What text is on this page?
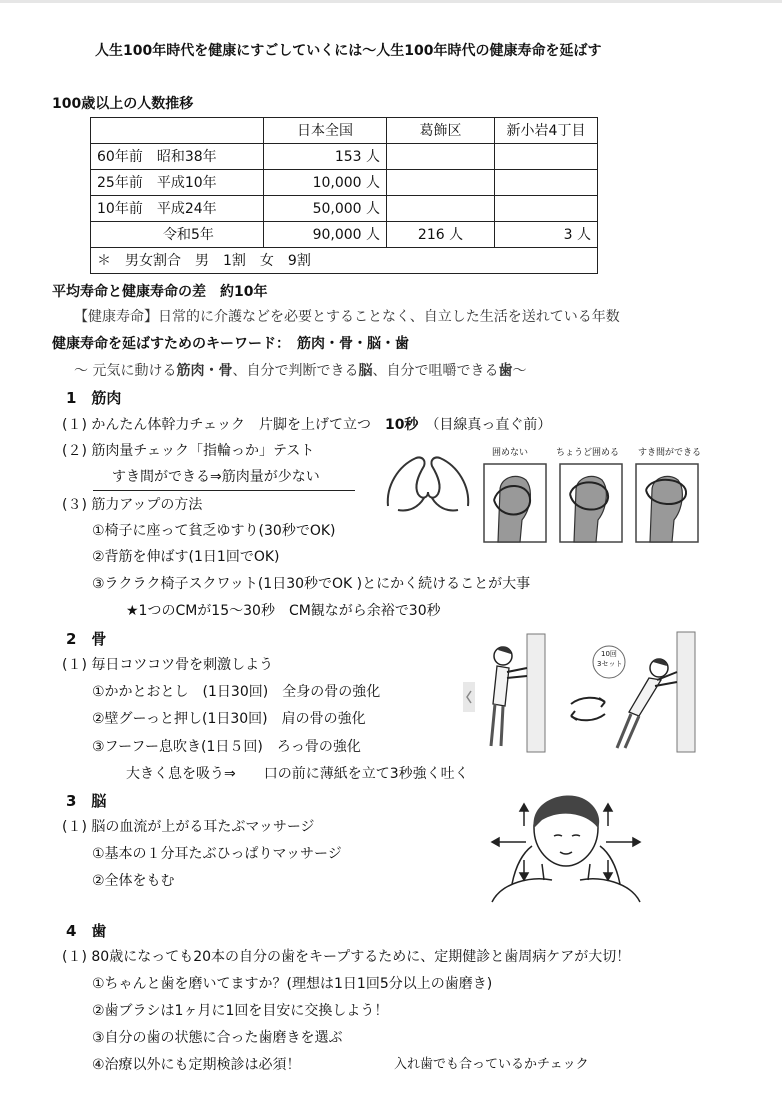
人生100年時代を健康にすごしていくには〜人生100年時代の健康寿命を延ばす
100歳以上の人数推移
	日本全国	葛飾区	新小岩4丁目
60年前　昭和38年	153 人		
25年前　平成10年	10,000 人		
10年前　平成24年	50,000 人		
令和5年	90,000 人	216 人	3 人
＊　男女割合　男　1割　女　9割			
平均寿命と健康寿命の差　約10年
【健康寿命】日常的に介護などを必要とすることなく、自立した生活を送れている年数
健康寿命を延ばすためのキーワード：　筋肉・骨・脳・歯
〜 元気に動ける筋肉・骨、自分で判断できる脳、自分で咀嚼できる歯〜
1　筋肉
(１) かんたん体幹力チェック　片脚を上げて立つ　 10秒　 （目線真っ直ぐ前）
(２) 筋肉量チェック「指輪っか」テスト
すき間ができる⇒筋肉量が少ない
(３) 筋力アップの方法
①椅子に座って貧乏ゆすり(30秒でOK)
②背筋を伸ばす(1日1回でOK)
③ラクラク椅子スクワット(1日30秒でOK )とにかく続けることが大事
★1つのCMが15〜30秒　CM観ながら余裕で30秒
囲めない	ちょうど囲める すき間ができる
2　骨
(１) 毎日コツコツ骨を刺激しよう
①かかとおとし　(1日30回)　全身の骨の強化
②壁グーっと押し(1日30回)　肩の骨の強化
③フーフー息吹き(1日５回)　ろっ骨の強化
大きく息を吸う⇒　　口の前に薄紙を立て3秒強く吐く
10回
3セット
3　脳
(１) 脳の血流が上がる耳たぶマッサージ
①基本の１分耳たぶひっぱりマッサージ
②全体をもむ
4　歯
(１) 80歳になっても20本の自分の歯をキープするために、定期健診と歯周病ケアが大切！
①ちゃんと歯を磨いてますか？(理想は1日1回5分以上の歯磨き)
②歯ブラシは1ヶ月に1回を目安に交換しよう！
③自分の歯の状態に合った歯磨きを選ぶ
④治療以外にも定期検診は必須！	入れ歯でも合っているかチェック
